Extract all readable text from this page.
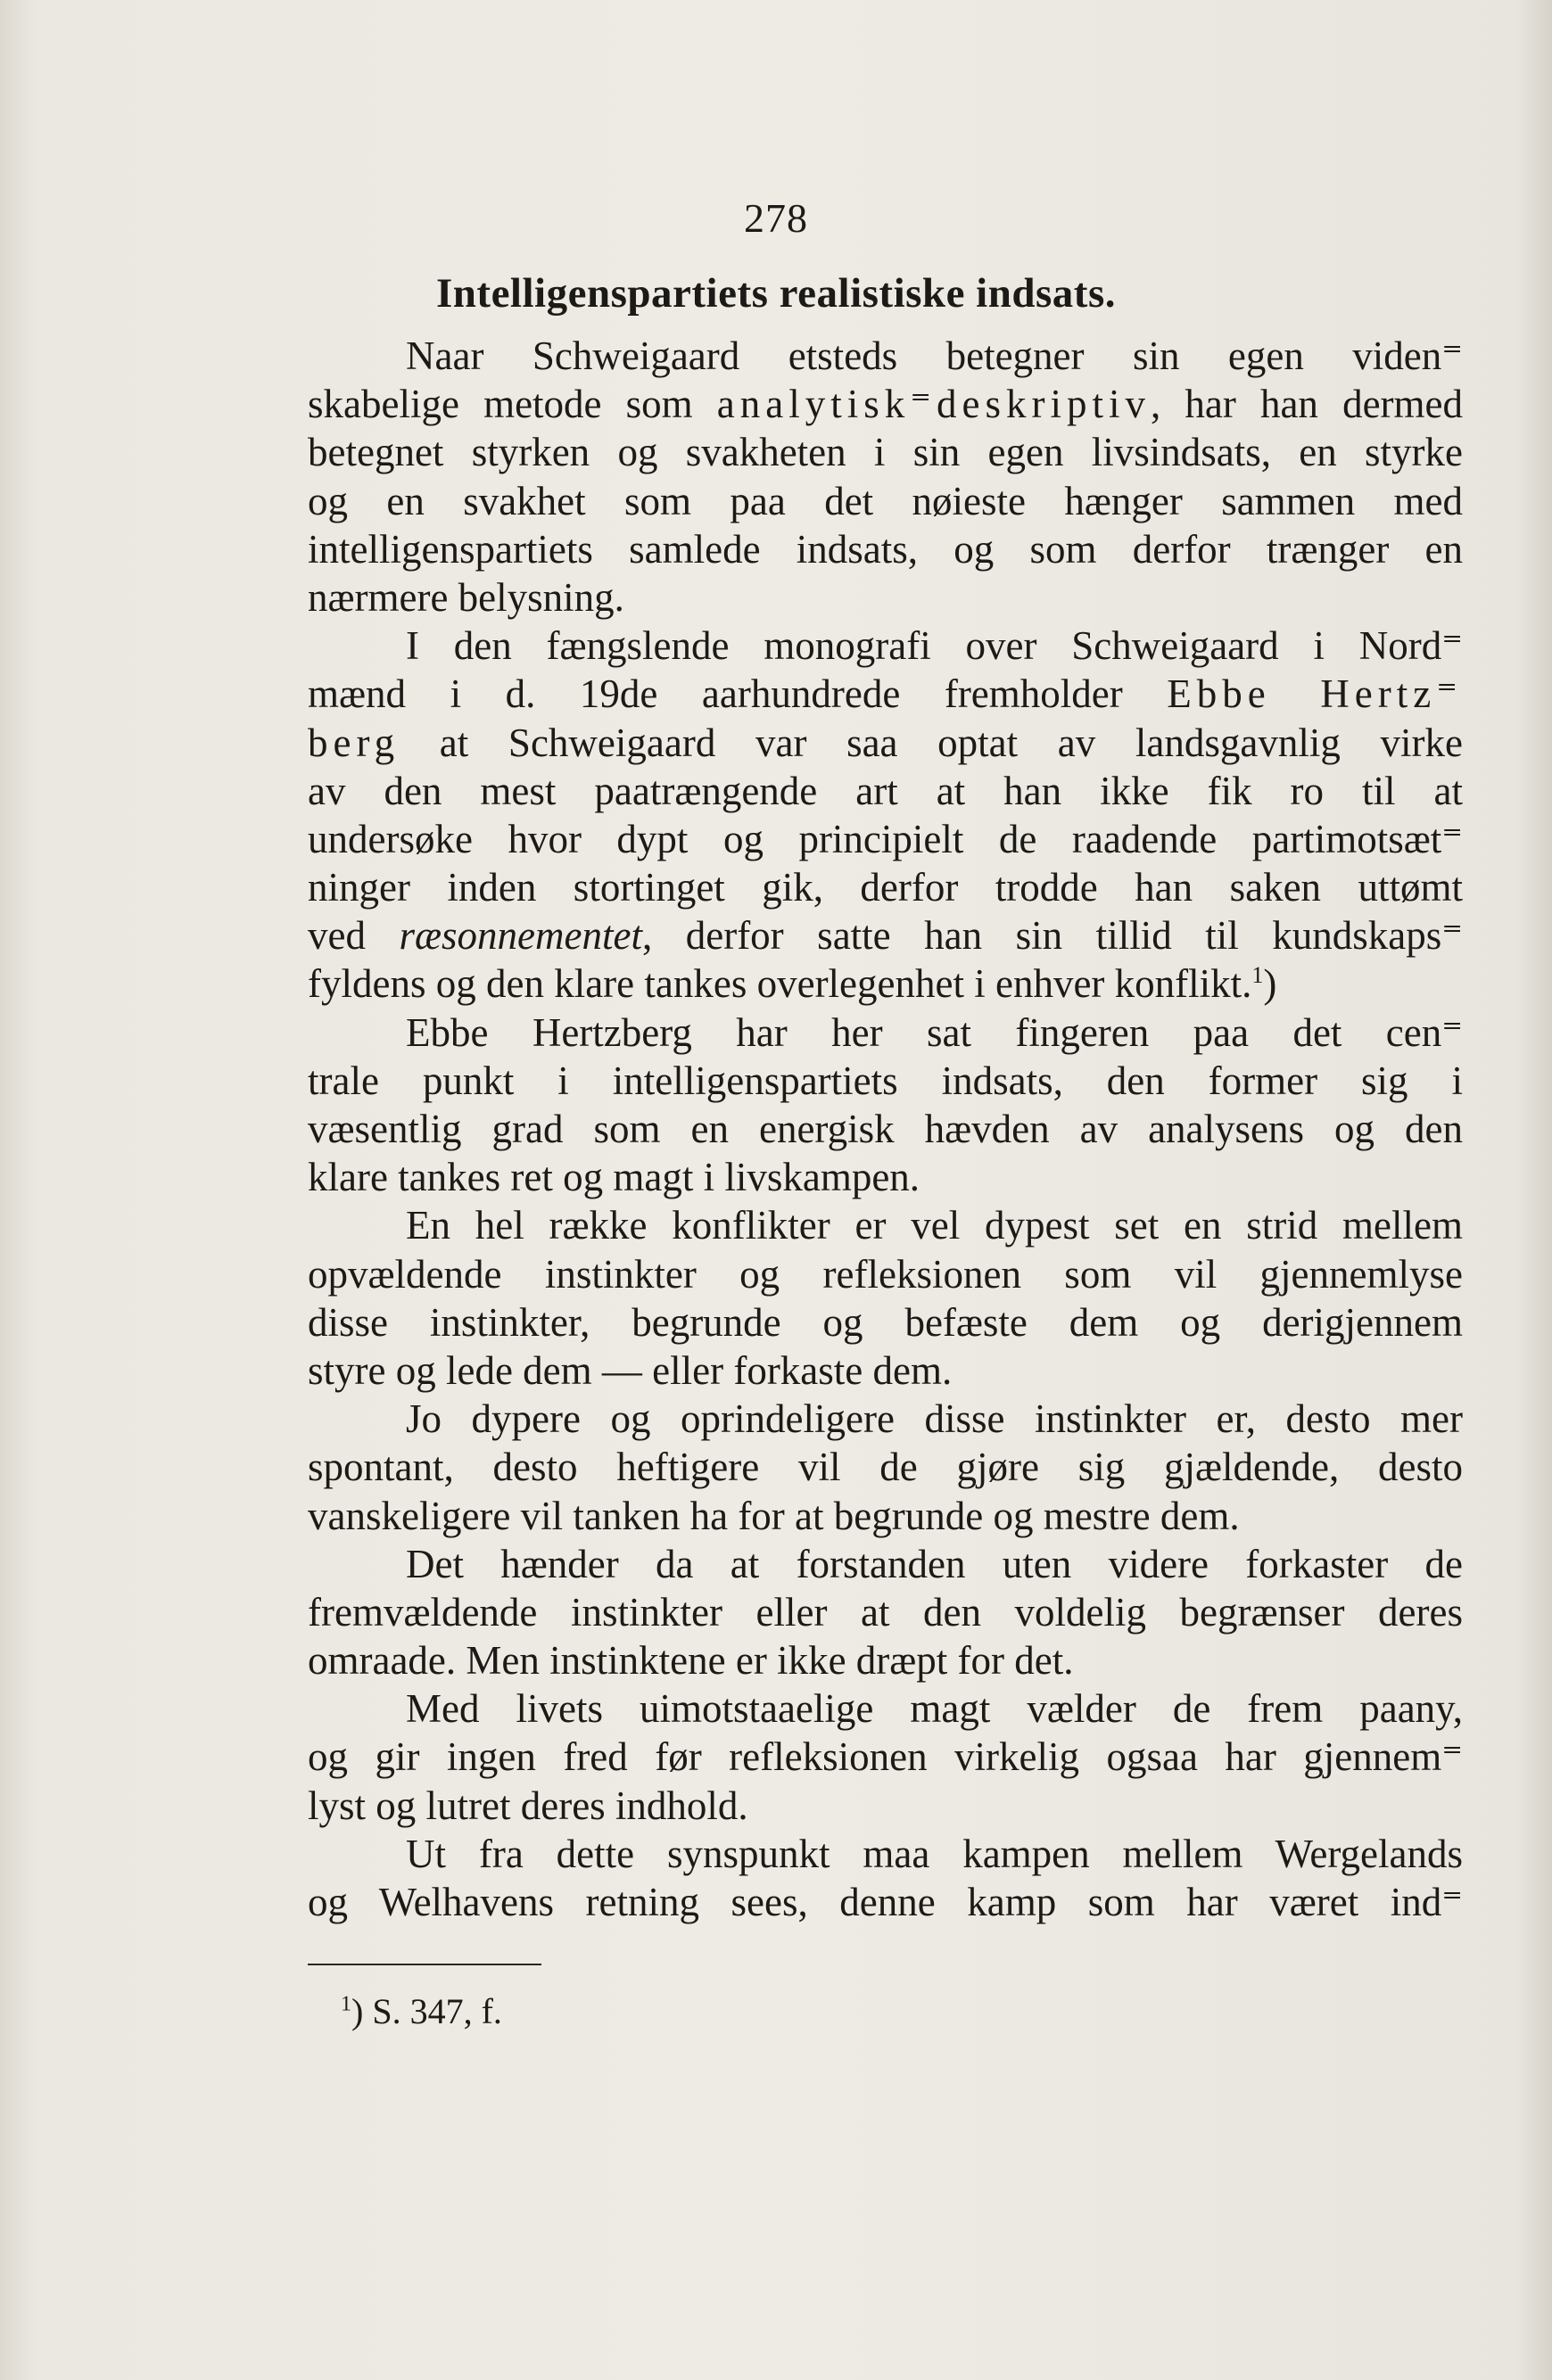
278
Intelligenspartiets realistiske indsats.
Naar Schweigaard etsteds betegner sin egen viden⁼
skabelige metode som analytisk⁼deskriptiv, har han dermed
betegnet styrken og svakheten i sin egen livsindsats, en styrke
og en svakhet som paa det nøieste hænger sammen med
intelligenspartiets samlede indsats, og som derfor trænger en
nærmere belysning.
I den fængslende monografi over Schweigaard i Nord⁼
mænd i d. 19de aarhundrede fremholder Ebbe Hertz⁼
berg at Schweigaard var saa optat av landsgavnlig virke
av den mest paatrængende art at han ikke fik ro til at
undersøke hvor dypt og principielt de raadende partimotsæt⁼
ninger inden stortinget gik, derfor trodde han saken uttømt
ved ræsonnementet, derfor satte han sin tillid til kundskaps⁼
fyldens og den klare tankes overlegenhet i enhver konflikt.$^1$)
Ebbe Hertzberg har her sat fingeren paa det cen⁼
trale punkt i intelligenspartiets indsats, den former sig i
væsentlig grad som en energisk hævden av analysens og den
klare tankes ret og magt i livskampen.
En hel række konflikter er vel dypest set en strid mellem
opvældende instinkter og refleksionen som vil gjennemlyse
disse instinkter, begrunde og befæste dem og derigjennem
styre og lede dem — eller forkaste dem.
Jo dypere og oprindeligere disse instinkter er, desto mer
spontant, desto heftigere vil de gjøre sig gjældende, desto
vanskeligere vil tanken ha for at begrunde og mestre dem.
Det hænder da at forstanden uten videre forkaster de
fremvældende instinkter eller at den voldelig begrænser deres
omraade. Men instinktene er ikke dræpt for det.
Med livets uimotstaaelige magt vælder de frem paany,
og gir ingen fred før refleksionen virkelig ogsaa har gjennem⁼
lyst og lutret deres indhold.
Ut fra dette synspunkt maa kampen mellem Wergelands
og Welhavens retning sees, denne kamp som har været ind⁼
$^1$) S. 347, f.
